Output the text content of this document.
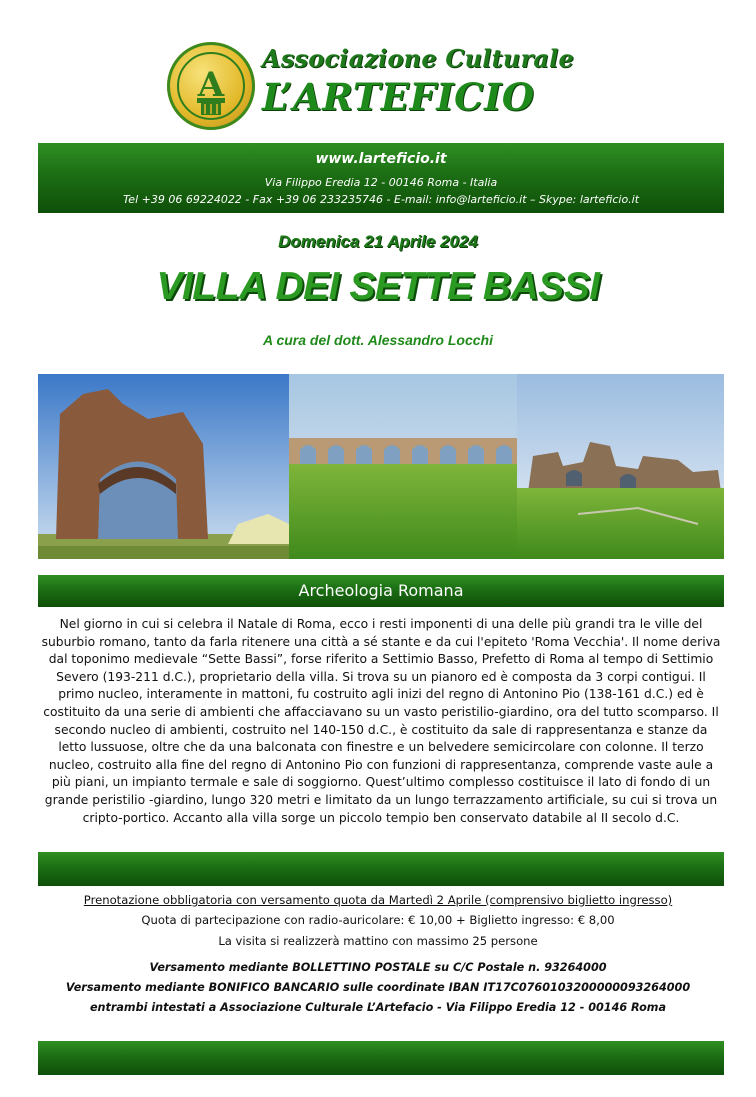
A
Associazione Culturale
L’ARTEFICIO
www.larteficio.it
Via Filippo Eredia 12 - 00146 Roma - Italia
Tel +39 06 69224022 - Fax +39 06 233235746 - E-mail: info@larteficio.it – Skype: larteficio.it
Domenica 21 Aprile 2024
VILLA DEI SETTE BASSI
A cura del dott. Alessandro Locchi
Archeologia Romana
Nel giorno in cui si celebra il Natale di Roma, ecco i resti imponenti di una delle più grandi tra le ville del suburbio romano, tanto da farla ritenere una città a sé stante e da cui l'epiteto 'Roma Vecchia'. Il nome deriva dal toponimo medievale “Sette Bassi”, forse riferito a Settimio Basso, Prefetto di Roma al tempo di Settimio Severo (193-211 d.C.), proprietario della villa. Si trova su un pianoro ed è composta da 3 corpi contigui. Il primo nucleo, interamente in mattoni, fu costruito agli inizi del regno di Antonino Pio (138-161 d.C.) ed è costituito da una serie di ambienti che affacciavano su un vasto peristilio-giardino, ora del tutto scomparso. Il secondo nucleo di ambienti, costruito nel 140-150 d.C., è costituito da sale di rappresentanza e stanze da letto lussuose, oltre che da una balconata con finestre e un belvedere semicircolare con colonne. Il terzo nucleo, costruito alla fine del regno di Antonino Pio con funzioni di rappresentanza, comprende vaste aule a più piani, un impianto termale e sale di soggiorno. Quest’ultimo complesso costituisce il lato di fondo di un grande peristilio -giardino, lungo 320 metri e limitato da un lungo terrazzamento artificiale, su cui si trova un cripto-portico. Accanto alla villa sorge un piccolo tempio ben conservato databile al II secolo d.C.
Prenotazione obbligatoria con versamento quota da Martedì 2 Aprile (comprensivo biglietto ingresso)
Quota di partecipazione con radio-auricolare: € 10,00 + Biglietto ingresso: € 8,00
La visita si realizzerà mattino con massimo 25 persone
Versamento mediante BOLLETTINO POSTALE su C/C Postale n. 93264000
Versamento mediante BONIFICO BANCARIO sulle coordinate IBAN IT17C0760103200000093264000
entrambi intestati a Associazione Culturale L’Artefacio - Via Filippo Eredia 12 - 00146 Roma
